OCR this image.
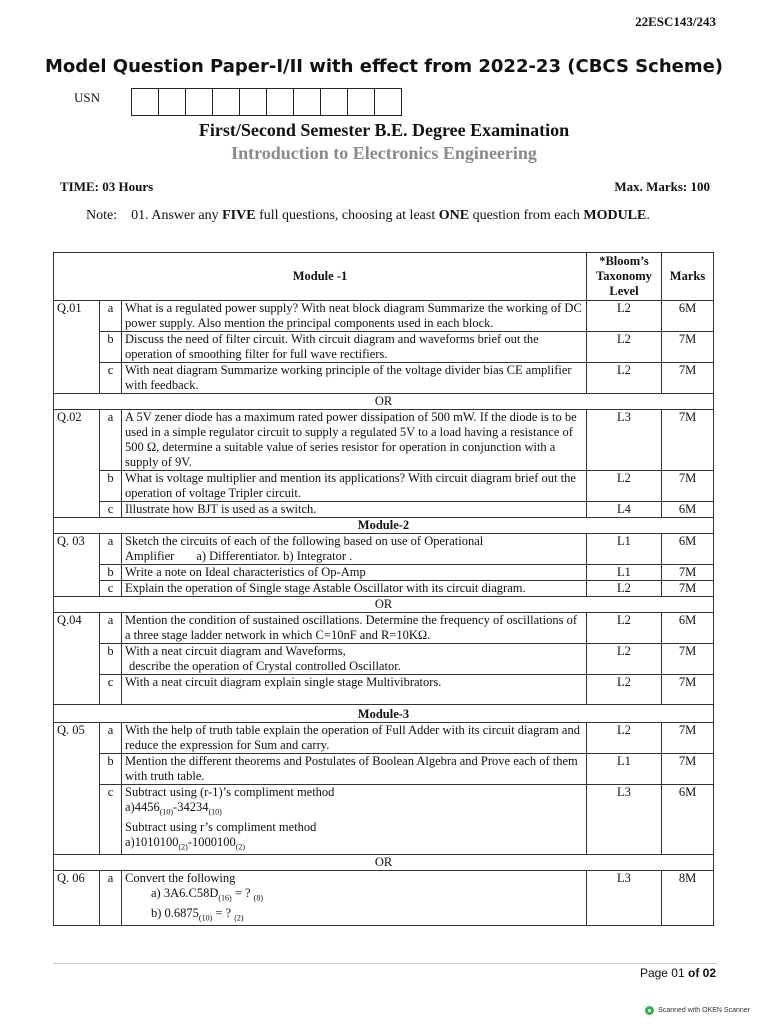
22ESC143/243
Model Question Paper-I/II with effect from 2022-23 (CBCS Scheme)
USN
First/Second Semester B.E. Degree Examination
Introduction to Electronics Engineering
TIME: 03 Hours	Max. Marks: 100
Note: 01. Answer any FIVE full questions, choosing at least ONE question from each MODULE.
Module -1			*Bloom’s Taxonomy Level	Marks
Q.01	a	What is a regulated power supply? With neat block diagram Summarize the working of DC power supply. Also mention the principal components used in each block.	L2	6M
	b	Discuss the need of filter circuit. With circuit diagram and waveforms brief out the operation of smoothing filter for full wave rectifiers.	L2	7M
	c	With neat diagram Summarize working principle of the voltage divider bias CE amplifier with feedback.	L2	7M
OR				
Q.02	a	A 5V zener diode has a maximum rated power dissipation of 500 mW. If the diode is to be used in a simple regulator circuit to supply a regulated 5V to a load having a resistance of 500 Ω, determine a suitable value of series resistor for operation in conjunction with a supply of 9V.	L3	7M
	b	What is voltage multiplier and mention its applications? With circuit diagram brief out the operation of voltage Tripler circuit.	L2	7M
	c	Illustrate how BJT is used as a switch.	L4	6M
Module-2				
Q. 03	a	Sketch the circuits of each of the following based on use of Operational
Amplifier a) Differentiator. b) Integrator .	L1	6M
	b	Write a note on Ideal characteristics of Op-Amp	L1	7M
	c	Explain the operation of Single stage Astable Oscillator with its circuit diagram.	L2	7M
OR				
Q.04	a	Mention the condition of sustained oscillations. Determine the frequency of oscillations of a three stage ladder network in which C=10nF and R=10KΩ.	L2	6M
	b	With a neat circuit diagram and Waveforms,
describe the operation of Crystal controlled Oscillator.	L2	7M
	c	With a neat circuit diagram explain single stage Multivibrators.	L2	7M
Module-3				
Q. 05	a	With the help of truth table explain the operation of Full Adder with its circuit diagram and reduce the expression for Sum and carry.	L2	7M
	b	Mention the different theorems and Postulates of Boolean Algebra and Prove each of them with truth table.	L1	7M
	c	Subtract using (r-1)’s compliment method
$a)4456_{(10)}-34234_{(10)}$
Subtract using r’s compliment method
$a)1010100_{(2)}-1000100_{(2)}$	L3	6M
OR				
Q. 06	a	Convert the following
a) $3A6.C58D_{(16)}$ = ? $_{(8)}$
b) $0.6875_{(10)}$ = ? $_{(2)}$	L3	8M
Page 01 of 02
Scanned with OKEN Scanner
